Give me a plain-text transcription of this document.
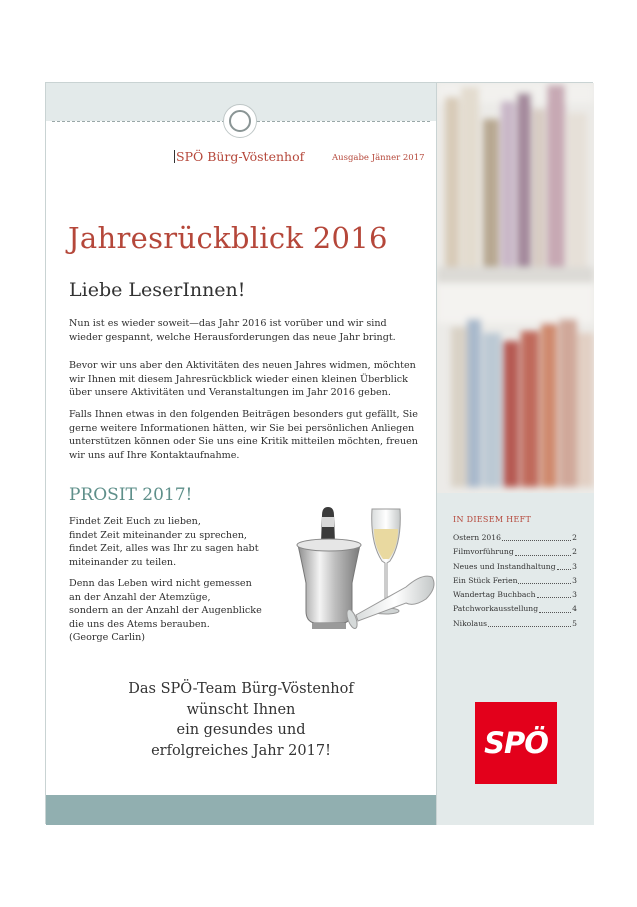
SPÖ Bürg-Vöstenhof	Ausgabe Jänner 2017
Jahresrückblick 2016
Liebe LeserInnen!
Nun ist es wieder soweit—das Jahr 2016 ist vorüber und wir sind
wieder gespannt, welche Herausforderungen das neue Jahr bringt.
Bevor wir uns aber den Aktivitäten des neuen Jahres widmen, möchten
wir Ihnen mit diesem Jahresrückblick wieder einen kleinen Überblick
über unsere Aktivitäten und Veranstaltungen im Jahr 2016 geben.
Falls Ihnen etwas in den folgenden Beiträgen besonders gut gefällt, Sie
gerne weitere Informationen hätten, wir Sie bei persönlichen Anliegen
unterstützen können oder Sie uns eine Kritik mitteilen möchten, freuen
wir uns auf Ihre Kontaktaufnahme.
PROSIT 2017!
Findet Zeit Euch zu lieben,
findet Zeit miteinander zu sprechen,
findet Zeit, alles was Ihr zu sagen habt
miteinander zu teilen.
Denn das Leben wird nicht gemessen
an der Anzahl der Atemzüge,
sondern an der Anzahl der Augenblicke
die uns des Atems berauben.
(George Carlin)
Das SPÖ-Team Bürg-Vöstenhof
wünscht Ihnen
ein gesundes und
erfolgreiches Jahr 2017!
IN DIESEM HEFT
Ostern 2016	2
Filmvorführung	2
Neues und Instandhaltung 3
Ein Stück Ferien	3
Wandertag Buchbach	3
Patchworkausstellung	4
Nikolaus	5
SPÖ
